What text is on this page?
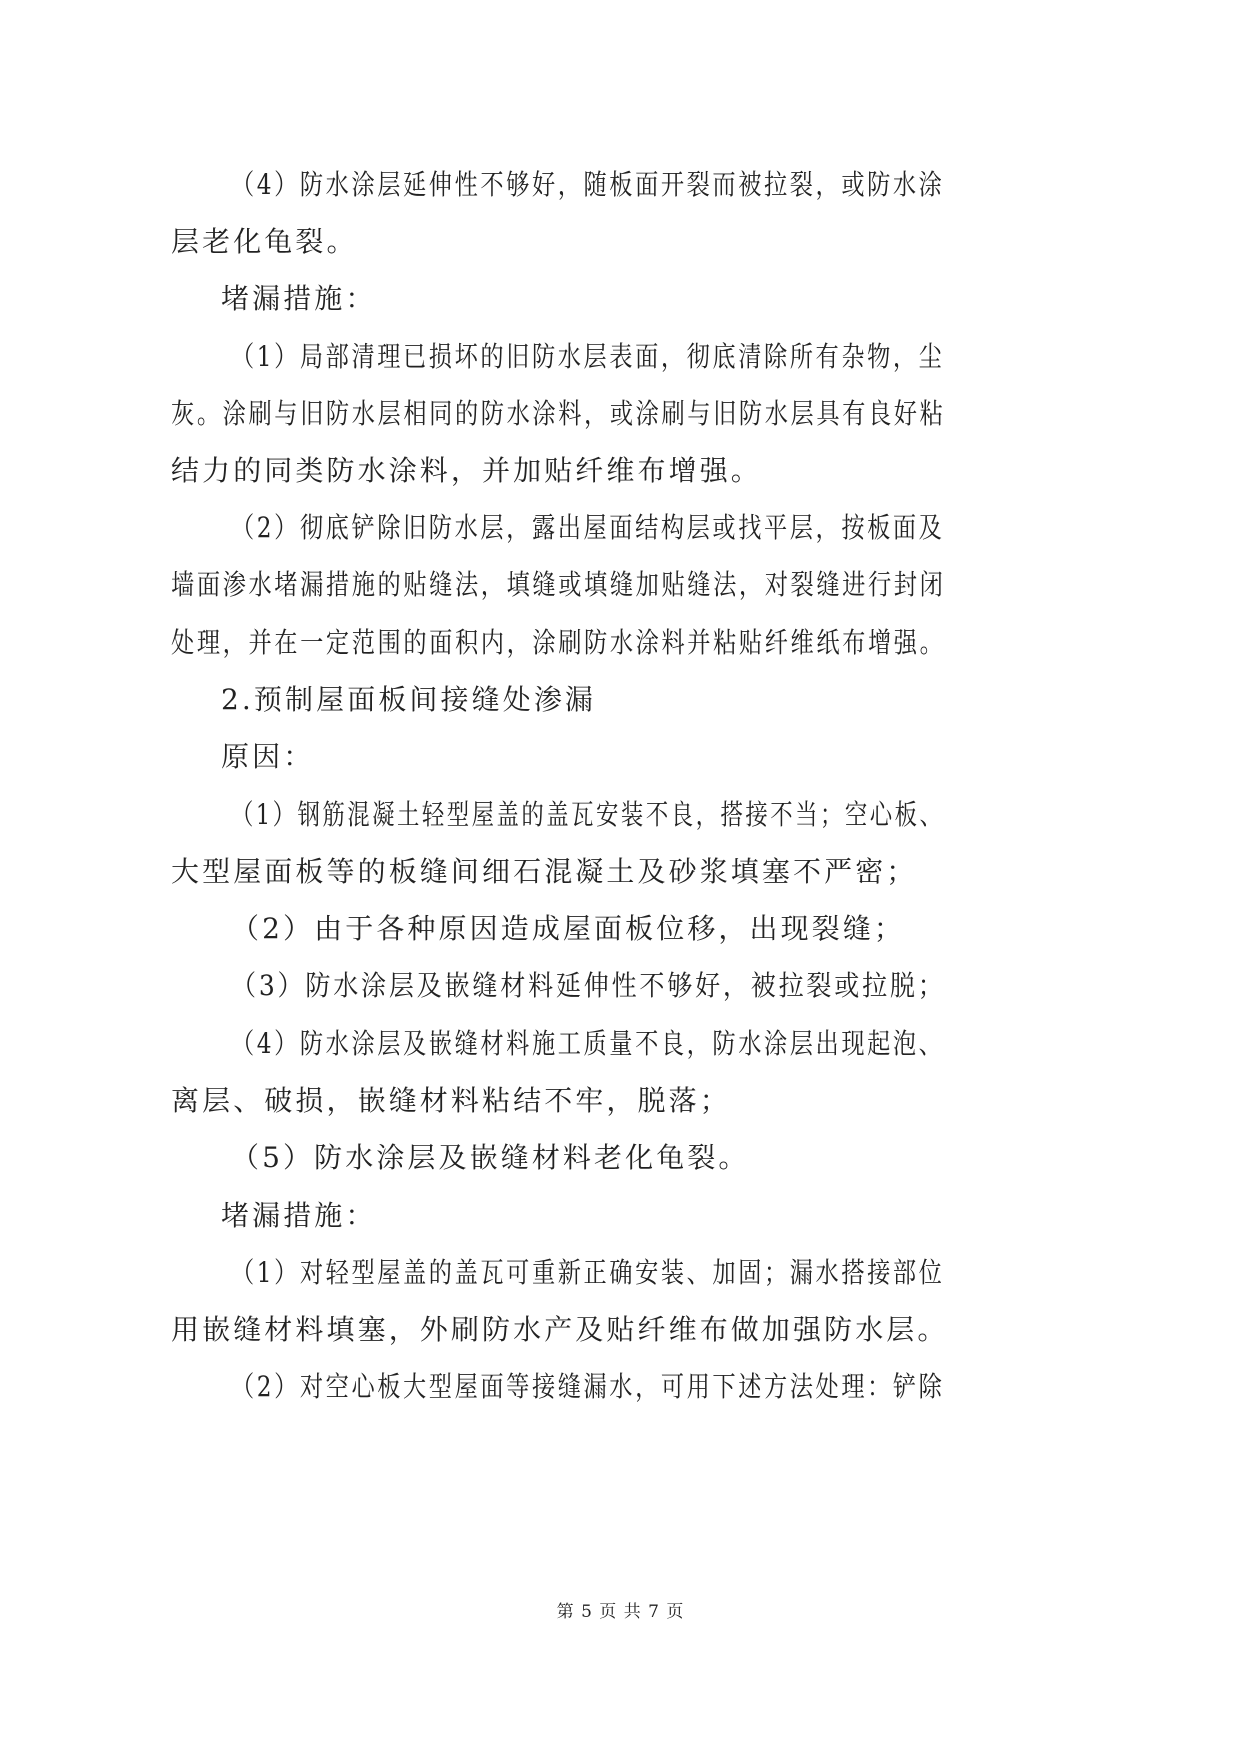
（4）防水涂层延伸性不够好，随板面开裂而被拉裂，或防水涂
层老化龟裂。
堵漏措施：
（1）局部清理已损坏的旧防水层表面，彻底清除所有杂物，尘
灰。涂刷与旧防水层相同的防水涂料，或涂刷与旧防水层具有良好粘
结力的同类防水涂料，并加贴纤维布增强。
（2）彻底铲除旧防水层，露出屋面结构层或找平层，按板面及
墙面渗水堵漏措施的贴缝法，填缝或填缝加贴缝法，对裂缝进行封闭
处理，并在一定范围的面积内，涂刷防水涂料并粘贴纤维纸布增强。
2.预制屋面板间接缝处渗漏
原因：
（1）钢筋混凝土轻型屋盖的盖瓦安装不良，搭接不当；空心板、
大型屋面板等的板缝间细石混凝土及砂浆填塞不严密；
（2）由于各种原因造成屋面板位移，出现裂缝；
（3）防水涂层及嵌缝材料延伸性不够好，被拉裂或拉脱；
（4）防水涂层及嵌缝材料施工质量不良，防水涂层出现起泡、
离层、破损，嵌缝材料粘结不牢，脱落；
（5）防水涂层及嵌缝材料老化龟裂。
堵漏措施：
（1）对轻型屋盖的盖瓦可重新正确安装、加固；漏水搭接部位
用嵌缝材料填塞，外刷防水产及贴纤维布做加强防水层。
（2）对空心板大型屋面等接缝漏水，可用下述方法处理：铲除
第 5 页 共 7 页
